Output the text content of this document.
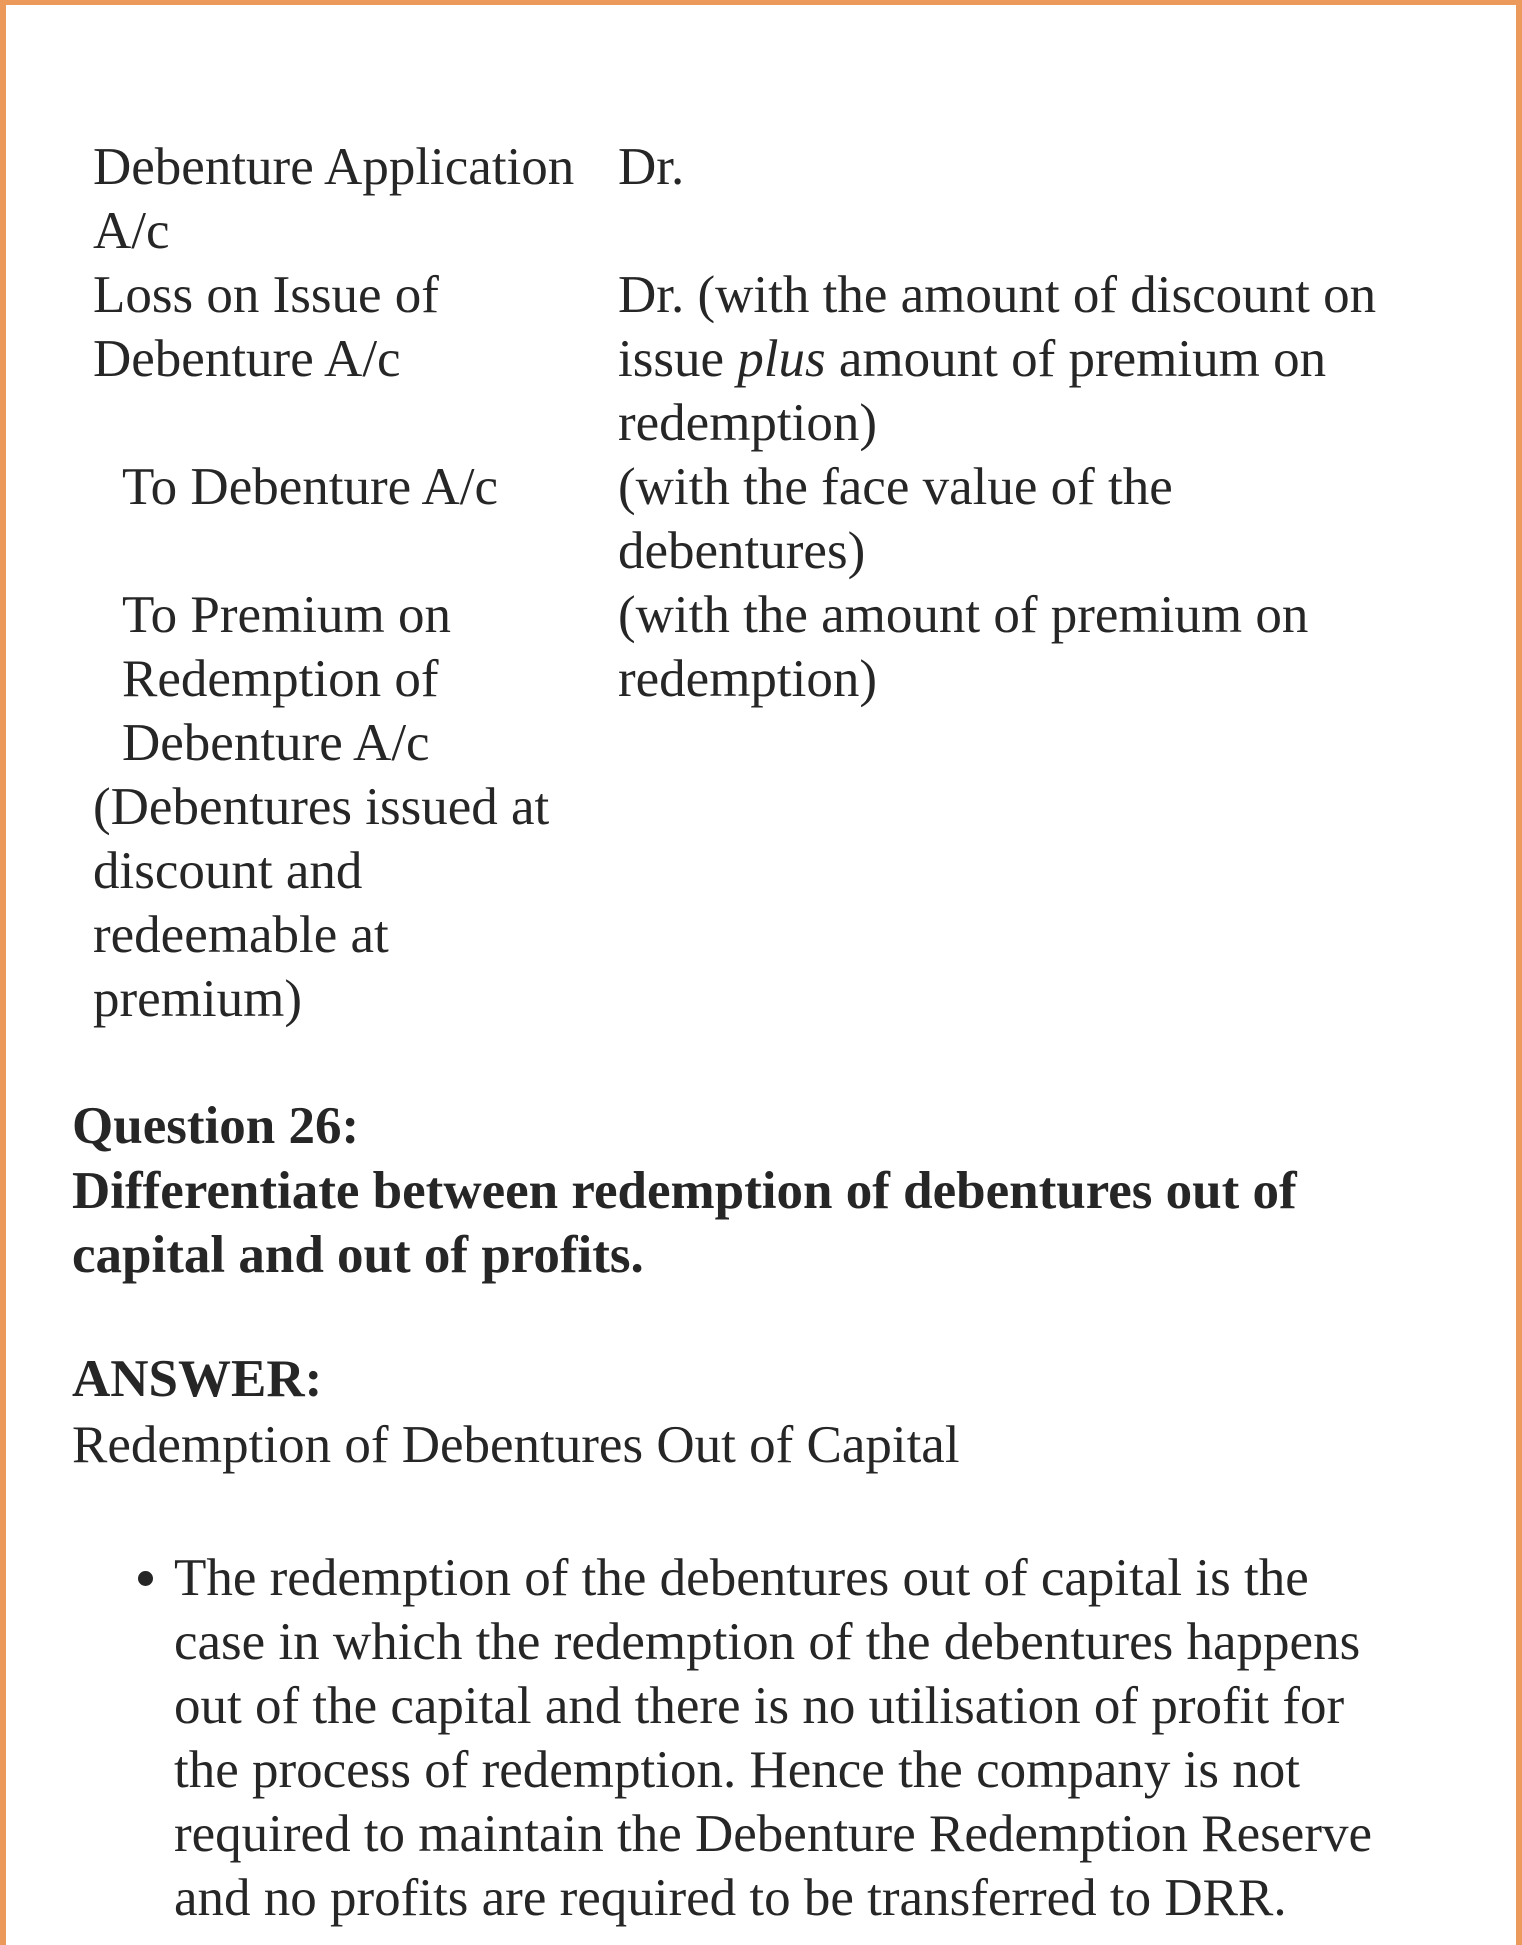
Debenture Application
A/c
Dr.
Loss on Issue of
Debenture A/c
Dr. (with the amount of discount on
issue plus amount of premium on
redemption)
To Debenture A/c (with the face value of the
debentures)
To Premium on
Redemption of
Debenture A/c
(with the amount of premium on
redemption)
(Debentures issued at
discount and
redeemable at
premium)
Question 26:
Differentiate between redemption of debentures out of
capital and out of profits.
ANSWER:
Redemption of Debentures Out of Capital
The redemption of the debentures out of capital is the
case in which the redemption of the debentures happens
out of the capital and there is no utilisation of profit for
the process of redemption. Hence the company is not
required to maintain the Debenture Redemption Reserve
and no profits are required to be transferred to DRR.
